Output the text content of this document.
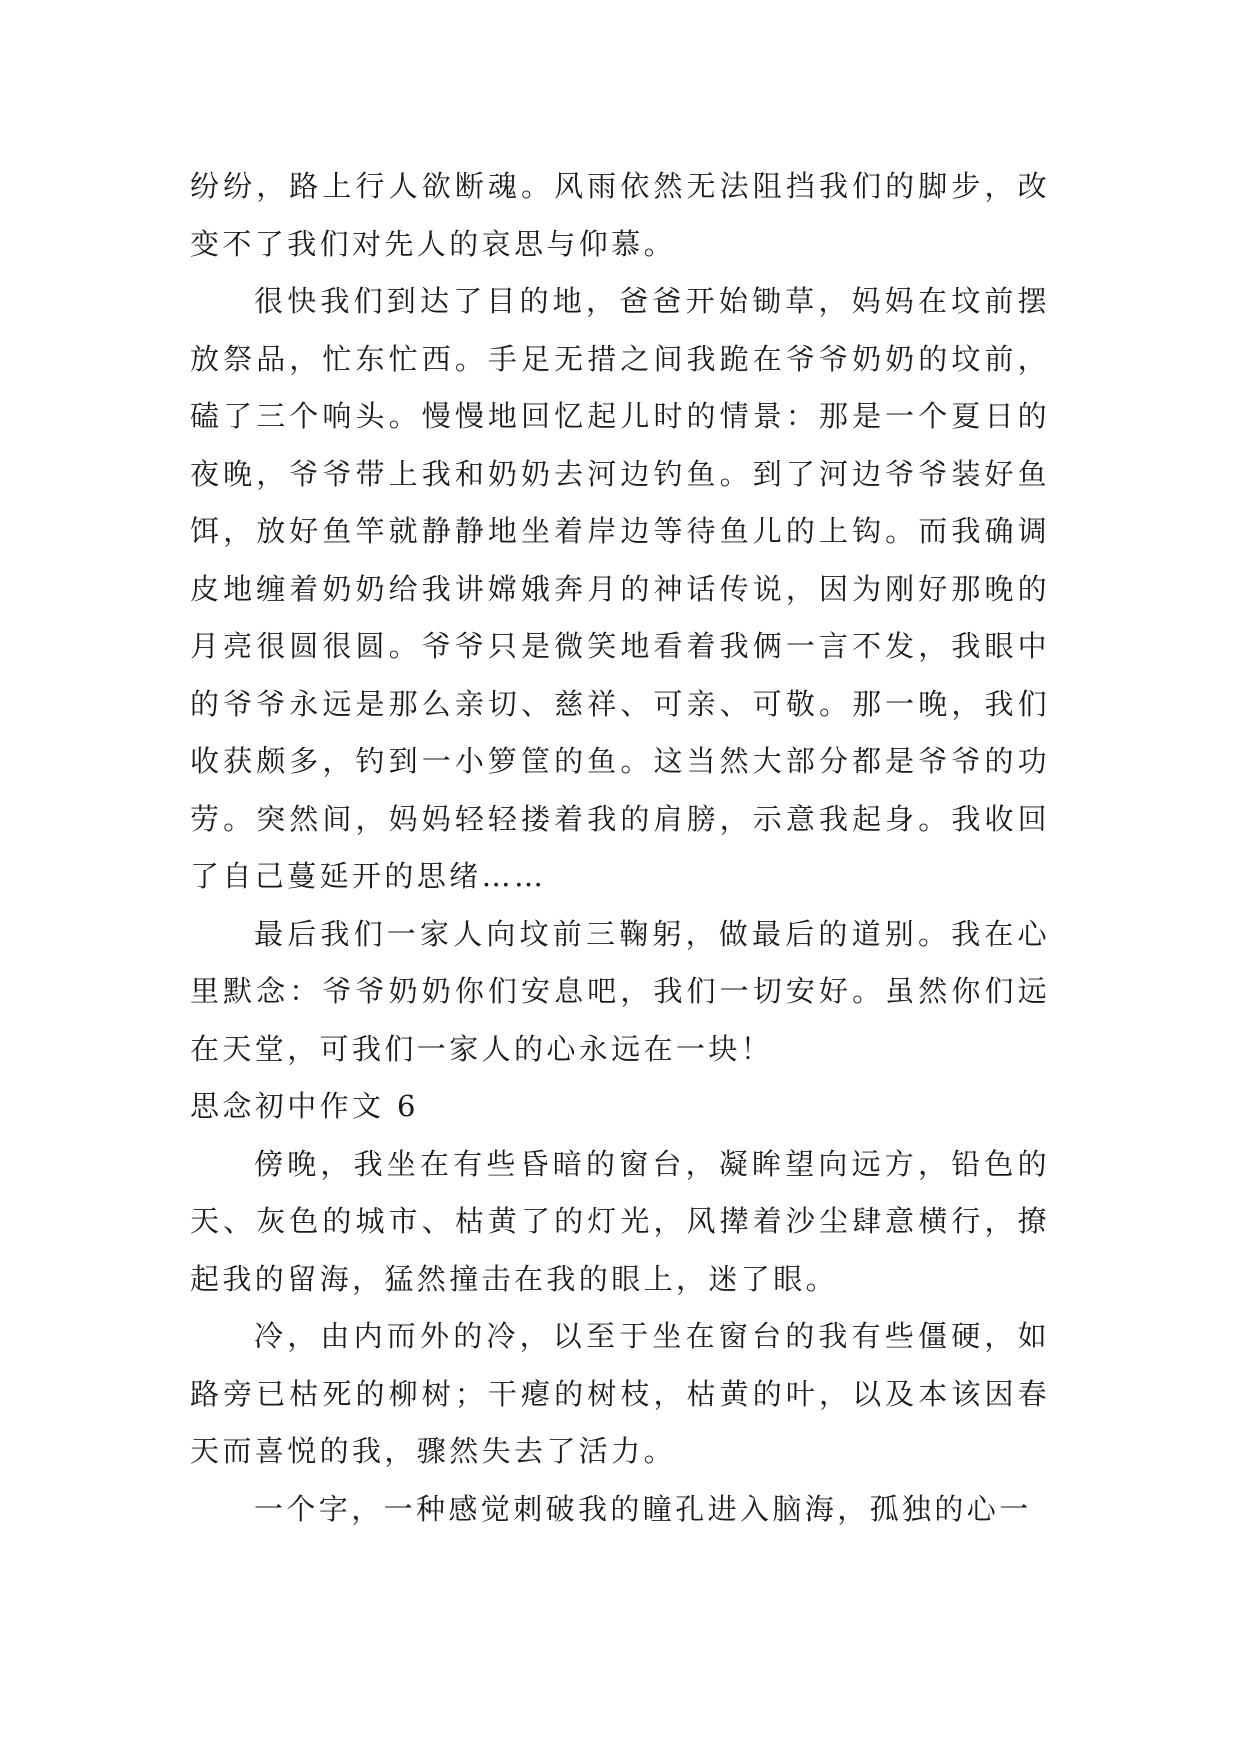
纷纷，路上行人欲断魂。风雨依然无法阻挡我们的脚步，改变不了我们对先人的哀思与仰慕。

很快我们到达了目的地，爸爸开始锄草，妈妈在坟前摆放祭品，忙东忙西。手足无措之间我跪在爷爷奶奶的坟前，磕了三个响头。慢慢地回忆起儿时的情景：那是一个夏日的夜晚，爷爷带上我和奶奶去河边钓鱼。到了河边爷爷装好鱼饵，放好鱼竿就静静地坐着岸边等待鱼儿的上钩。而我确调皮地缠着奶奶给我讲嫦娥奔月的神话传说，因为刚好那晚的月亮很圆很圆。爷爷只是微笑地看着我俩一言不发，我眼中的爷爷永远是那么亲切、慈祥、可亲、可敬。那一晚，我们收获颇多，钓到一小箩筐的鱼。这当然大部分都是爷爷的功劳。突然间，妈妈轻轻搂着我的肩膀，示意我起身。我收回了自己蔓延开的思绪……

最后我们一家人向坟前三鞠躬，做最后的道别。我在心里默念：爷爷奶奶你们安息吧，我们一切安好。虽然你们远在天堂，可我们一家人的心永远在一块！

思念初中作文 6

傍晚，我坐在有些昏暗的窗台，凝眸望向远方，铅色的天、灰色的城市、枯黄了的灯光，风撵着沙尘肆意横行，撩起我的留海，猛然撞击在我的眼上，迷了眼。

冷，由内而外的冷，以至于坐在窗台的我有些僵硬，如路旁已枯死的柳树；干瘪的树枝，枯黄的叶，以及本该因春天而喜悦的我，骤然失去了活力。

一个字，一种感觉刺破我的瞳孔进入脑海，孤独的心一
